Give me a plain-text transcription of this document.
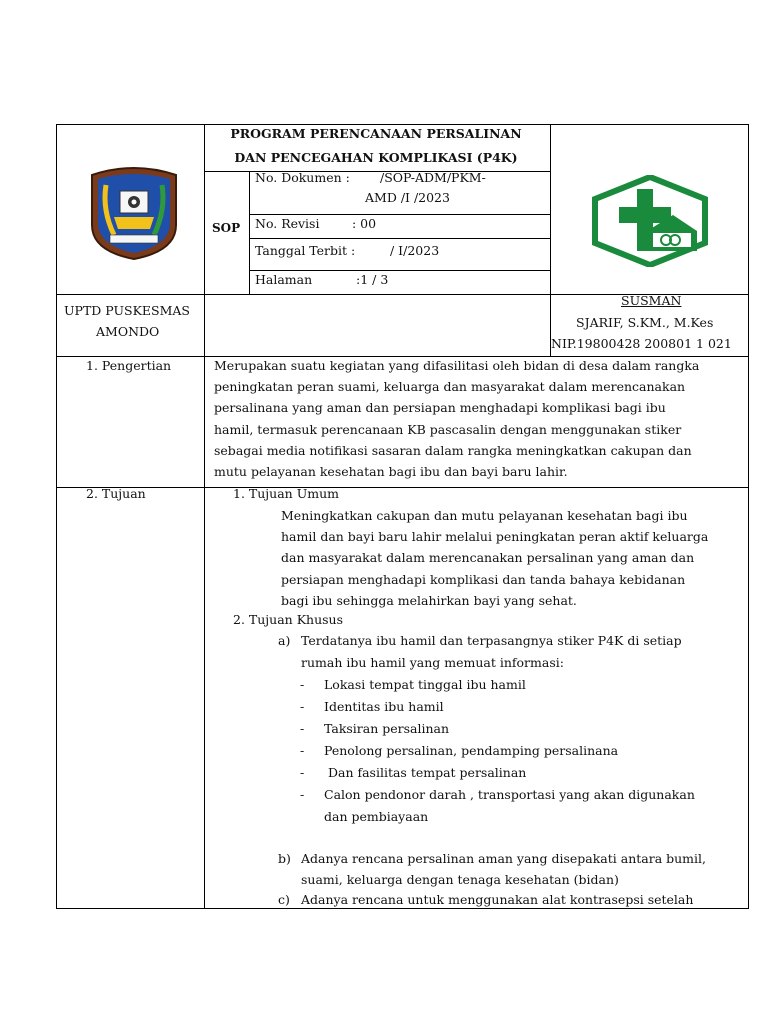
PROGRAM PERENCANAAN PERSALINAN
DAN PENCEGAHAN KOMPLIKASI (P4K)
SOP
No. Dokumen : /SOP-ADM/PKM-
AMD /I /2023
No. Revisi	: 00
Tanggal Terbit :	/ I/2023
Halaman	:1 / 3
UPTD PUSKESMAS
AMONDO
SUSMAN
SJARIF, S.KM., M.Kes
NIP.19800428 200801 1 021
1. Pengertian	Merupakan suatu kegiatan yang difasilitasi oleh bidan di desa dalam rangka
peningkatan peran suami, keluarga dan masyarakat dalam merencanakan
persalinana yang aman dan persiapan menghadapi komplikasi bagi ibu
hamil, termasuk perencanaan KB pascasalin dengan menggunakan stiker
sebagai media notifikasi sasaran dalam rangka meningkatkan cakupan dan
mutu pelayanan kesehatan bagi ibu dan bayi baru lahir.
2. Tujuan	1. Tujuan Umum
Meningkatkan cakupan dan mutu pelayanan kesehatan bagi ibu
hamil dan bayi baru lahir melalui peningkatan peran aktif keluarga
dan masyarakat dalam merencanakan persalinan yang aman dan
persiapan menghadapi komplikasi dan tanda bahaya kebidanan
bagi ibu sehingga melahirkan bayi yang sehat.
2. Tujuan Khusus
a) Terdatanya ibu hamil dan terpasangnya stiker P4K di setiap
rumah ibu hamil yang memuat informasi:
- Lokasi tempat tinggal ibu hamil
- Identitas ibu hamil
- Taksiran persalinan
- Penolong persalinan, pendamping persalinana
- Dan fasilitas tempat persalinan
- Calon pendonor darah , transportasi yang akan digunakan
dan pembiayaan
b) Adanya rencana persalinan aman yang disepakati antara bumil,
suami, keluarga dengan tenaga kesehatan (bidan)
c) Adanya rencana untuk menggunakan alat kontrasepsi setelah
